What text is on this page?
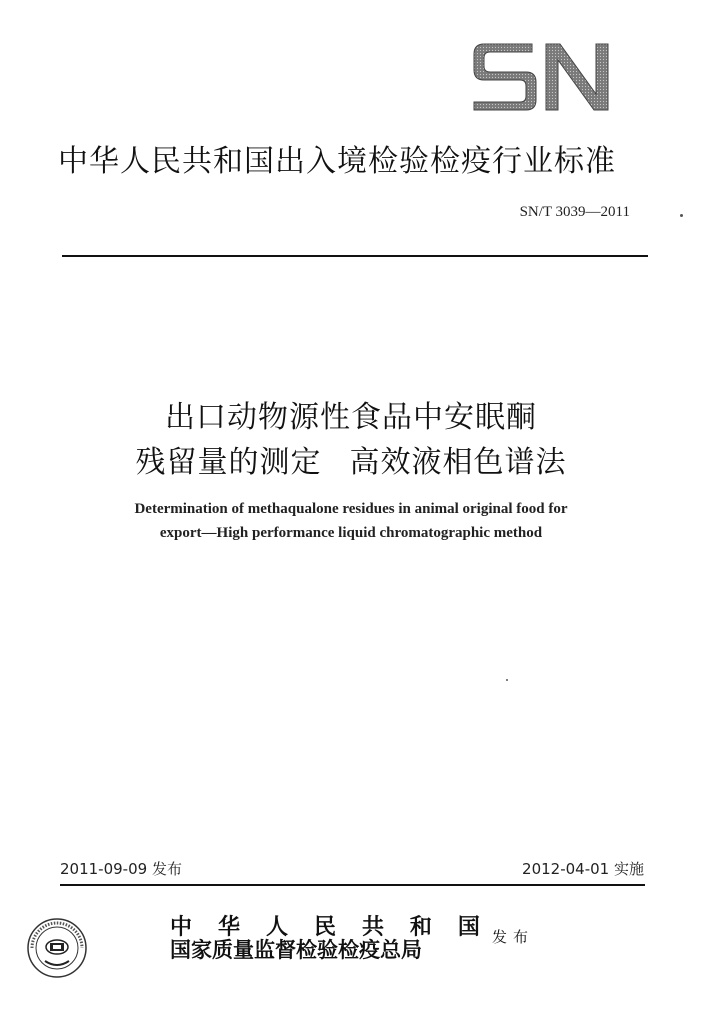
中华人民共和国出入境检验检疫行业标准
SN/T 3039—2011
出口动物源性食品中安眠酮
残留量的测定 高效液相色谱法
Determination of methaqualone residues in animal original food for
export—High performance liquid chromatographic method
2011-09-09 发布	2012-04-01 实施
中 华 人 民 共 和 国
国家质量监督检验检疫总局	发布
